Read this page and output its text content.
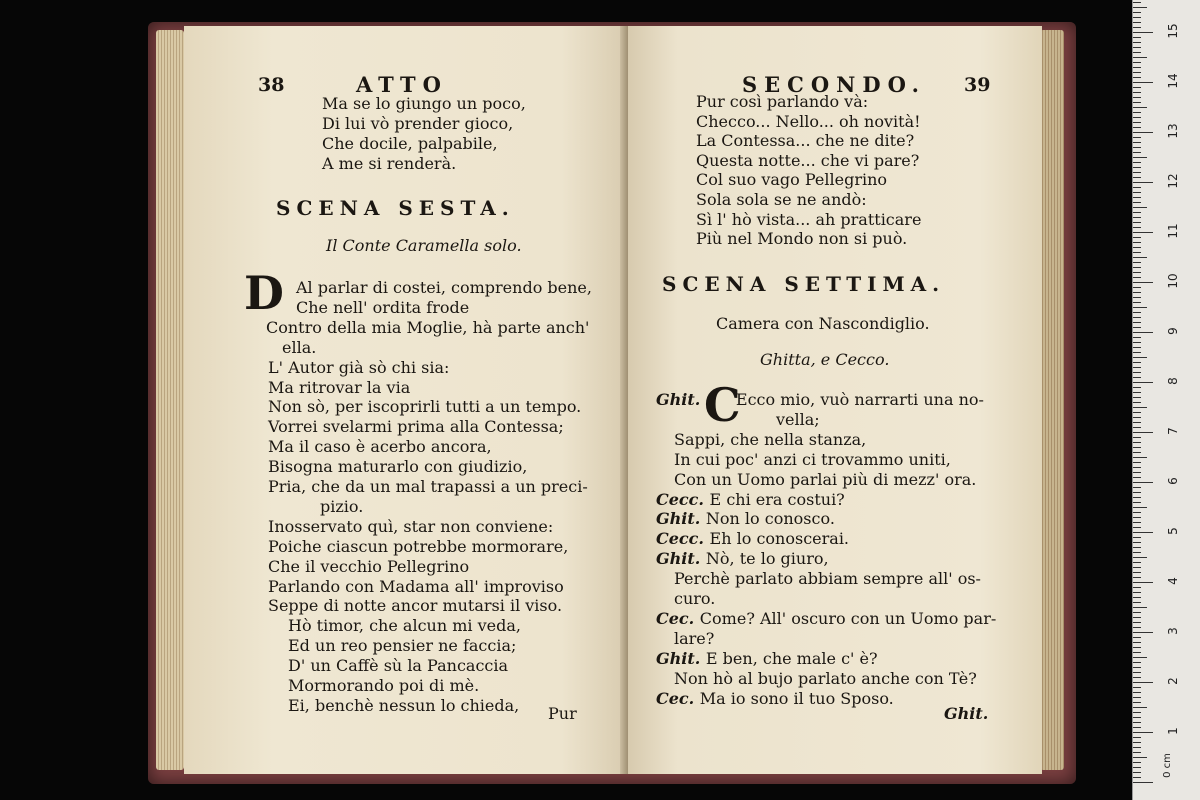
38	ATTO
Ma se lo giungo un poco,
Di lui vò prender gioco,
Che docile, palpabile,
A me si renderà.
SCENA SESTA.
Il Conte Caramella solo.
D Al parlar di costei, comprendo bene,
Che nell' ordita frode
Contro della mia Moglie, hà parte anch'
ella.
L' Autor già sò chi sia:
Ma ritrovar la via
Non sò, per iscoprirli tutti a un tempo.
Vorrei svelarmi prima alla Contessa;
Ma il caso è acerbo ancora,
Bisogna maturarlo con giudizio,
Pria, che da un mal trapassi a un preci-
pizio.
Inosservato quì, star non conviene:
Poiche ciascun potrebbe mormorare,
Che il vecchio Pellegrino
Parlando con Madama all' improviso
Seppe di notte ancor mutarsi il viso.
Hò timor, che alcun mi veda,
Ed un reo pensier ne faccia;
D' un Caffè sù la Pancaccia
Mormorando poi di mè.
Ei, benchè nessun lo chieda, Pur
SECONDO. 39
Pur così parlando và:
Checco... Nello... oh novità!
La Contessa... che ne dite?
Questa notte... che vi pare?
Col suo vago Pellegrino
Sola sola se ne andò:
Sì l' hò vista... ah pratticare
Più nel Mondo non si può.
SCENA SETTIMA.
Camera con Nascondiglio.
Ghitta, e Cecco.
C
Ghit. Ecco mio, vuò narrarti una no-
vella;
Sappi, che nella stanza,
In cui poc' anzi ci trovammo uniti,
Con un Uomo parlai più di mezz' ora.
Cecc. E chi era costui?
Ghit. Non lo conosco.
Cecc. Eh lo conoscerai.
Ghit. Nò, te lo giuro,
Perchè parlato abbiam sempre all' os-
curo.
Cec. Come? All' oscuro con un Uomo par-
lare?
Ghit. E ben, che male c' è?
Non hò al bujo parlato anche con Tè?
Cec. Ma io sono il tuo Sposo.
Ghit.
0 cm
1
2
3
4
5
6
7
8
9
10
11
12
13
14
15
